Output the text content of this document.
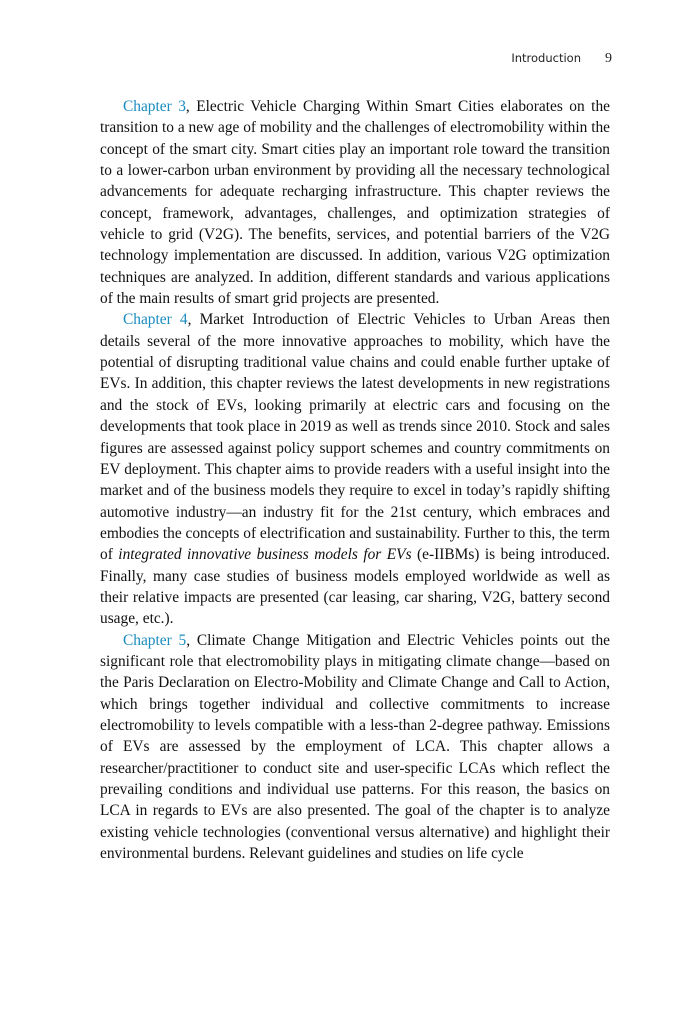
Introduction 9

Chapter 3, Electric Vehicle Charging Within Smart Cities elaborates on the transition to a new age of mobility and the challenges of electromobility within the concept of the smart city. Smart cities play an important role toward the transition to a lower-carbon urban environment by providing all the necessary technological advancements for adequate recharging infrastructure. This chapter reviews the concept, framework, advantages, challenges, and optimization strategies of vehicle to grid (V2G). The benefits, services, and potential barriers of the V2G technology implementation are discussed. In addition, various V2G optimization techniques are analyzed. In addition, different standards and various applications of the main results of smart grid projects are presented.

Chapter 4, Market Introduction of Electric Vehicles to Urban Areas then details several of the more innovative approaches to mobility, which have the potential of disrupting traditional value chains and could enable further uptake of EVs. In addition, this chapter reviews the latest developments in new registrations and the stock of EVs, looking primarily at electric cars and focusing on the developments that took place in 2019 as well as trends since 2010. Stock and sales figures are assessed against policy support schemes and country commitments on EV deployment. This chapter aims to provide readers with a useful insight into the market and of the business models they require to excel in today’s rapidly shifting automotive industry—an industry fit for the 21st century, which embraces and embodies the concepts of electrification and sustainability. Further to this, the term of integrated innovative business models for EVs (e-IIBMs) is being introduced. Finally, many case studies of business models employed worldwide as well as their relative impacts are presented (car leasing, car sharing, V2G, battery second usage, etc.).

Chapter 5, Climate Change Mitigation and Electric Vehicles points out the significant role that electromobility plays in mitigating climate change—based on the Paris Declaration on Electro-Mobility and Climate Change and Call to Action, which brings together individual and collective commitments to increase electromobility to levels compatible with a less-than 2-degree pathway. Emissions of EVs are assessed by the employment of LCA. This chapter allows a researcher/practitioner to conduct site and user-specific LCAs which reflect the prevailing conditions and individual use patterns. For this reason, the basics on LCA in regards to EVs are also presented. The goal of the chapter is to analyze existing vehicle technologies (conventional versus alternative) and highlight their environmental burdens. Relevant guidelines and studies on life cycle
